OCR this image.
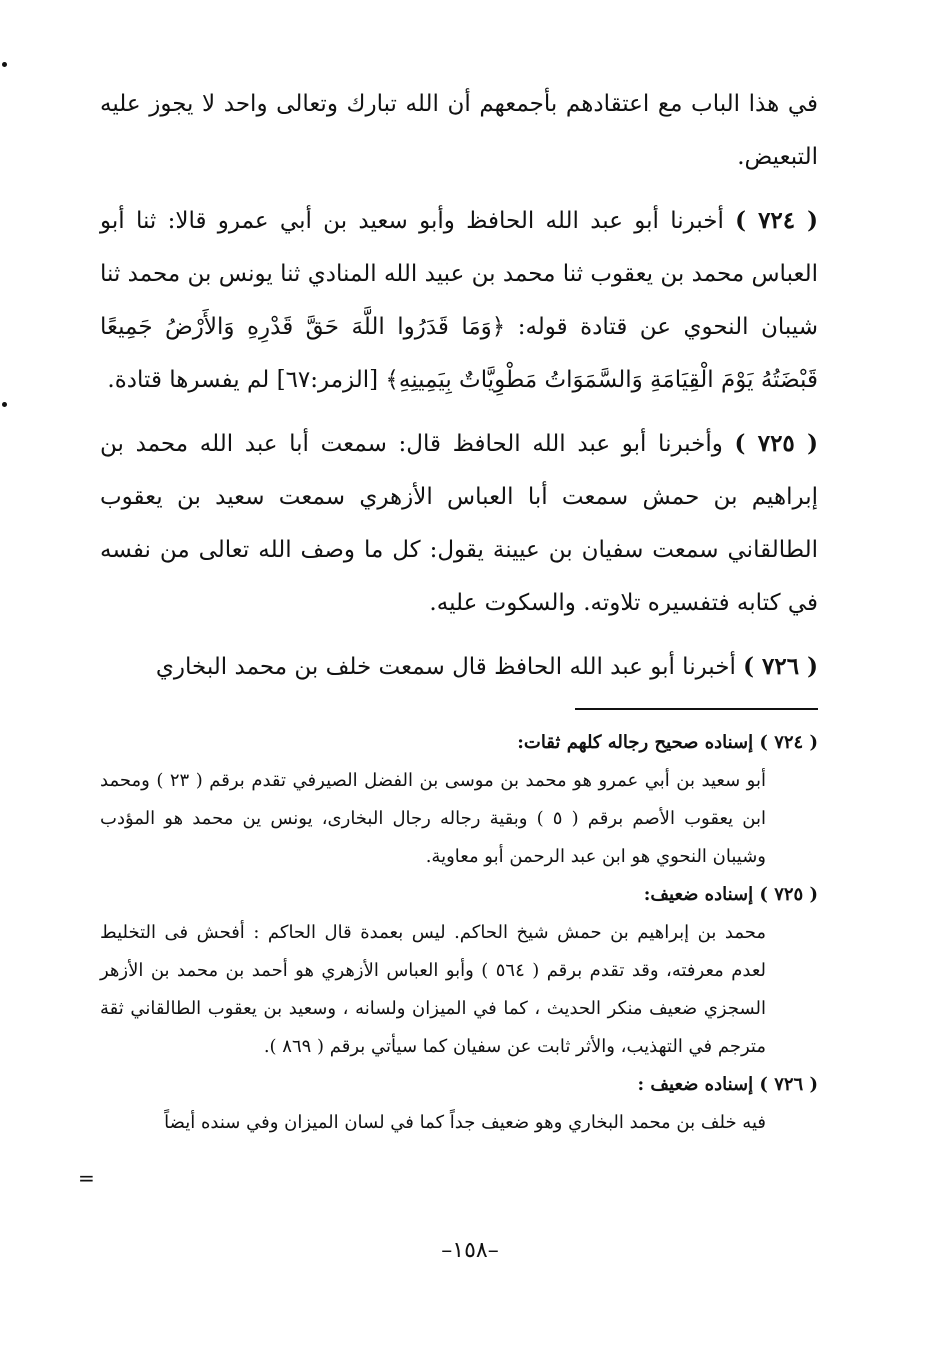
في هذا الباب مع اعتقادهم بأجمعهم أن الله تبارك وتعالى واحد لا يجوز عليه التبعيض.

( ٧٢٤ ) أخبرنا أبو عبد الله الحافظ وأبو سعيد بن أبي عمرو قالا: ثنا أبو العباس محمد بن يعقوب ثنا محمد بن عبيد الله المنادي ثنا يونس بن محمد ثنا شيبان النحوي عن قتادة قوله: ﴿وَمَا قَدَرُوا اللَّهَ حَقَّ قَدْرِهِ وَالأَرْضُ جَمِيعًا قَبْضَتُهُ يَوْمَ الْقِيَامَةِ وَالسَّمَوَاتُ مَطْوِيَّاتٌ بِيَمِينِهِ﴾ [الزمر:٦٧] لم يفسرها قتادة.

( ٧٢٥ ) وأخبرنا أبو عبد الله الحافظ قال: سمعت أبا عبد الله محمد بن إبراهيم بن حمش سمعت أبا العباس الأزهري سمعت سعيد بن يعقوب الطالقاني سمعت سفيان بن عيينة يقول: كل ما وصف الله تعالى من نفسه في كتابه فتفسيره تلاوته. والسكوت عليه.

( ٧٢٦ ) أخبرنا أبو عبد الله الحافظ قال سمعت خلف بن محمد البخاري

( ٧٢٤ ) إسناده صحيح رجاله كلهم ثقات:

أبو سعيد بن أبي عمرو هو محمد بن موسى بن الفضل الصيرفي تقدم برقم ( ٢٣ ) ومحمد ابن يعقوب الأصم برقم ( ٥ ) وبقية رجاله رجال البخارى، يونس ين محمد هو المؤدب وشيبان النحوي هو ابن عبد الرحمن أبو معاوية.

( ٧٢٥ ) إسناده ضعيف:

محمد بن إبراهيم بن حمش شيخ الحاكم. ليس بعمدة قال الحاكم : أفحش فى التخليط لعدم معرفته، وقد تقدم برقم ( ٥٦٤ ) وأبو العباس الأزهري هو أحمد بن محمد بن الأزهر السجزي ضعيف منكر الحديث ، كما في الميزان ولسانه ، وسعيد بن يعقوب الطالقاني ثقة مترجم في التهذيب، والأثر ثابت عن سفيان كما سيأتي برقم ( ٨٦٩ ).

( ٧٢٦ ) إسناده ضعيف :

فيه خلف بن محمد البخاري وهو ضعيف جداً كما في لسان الميزان وفي سنده أيضاً

=
–١٥٨–
